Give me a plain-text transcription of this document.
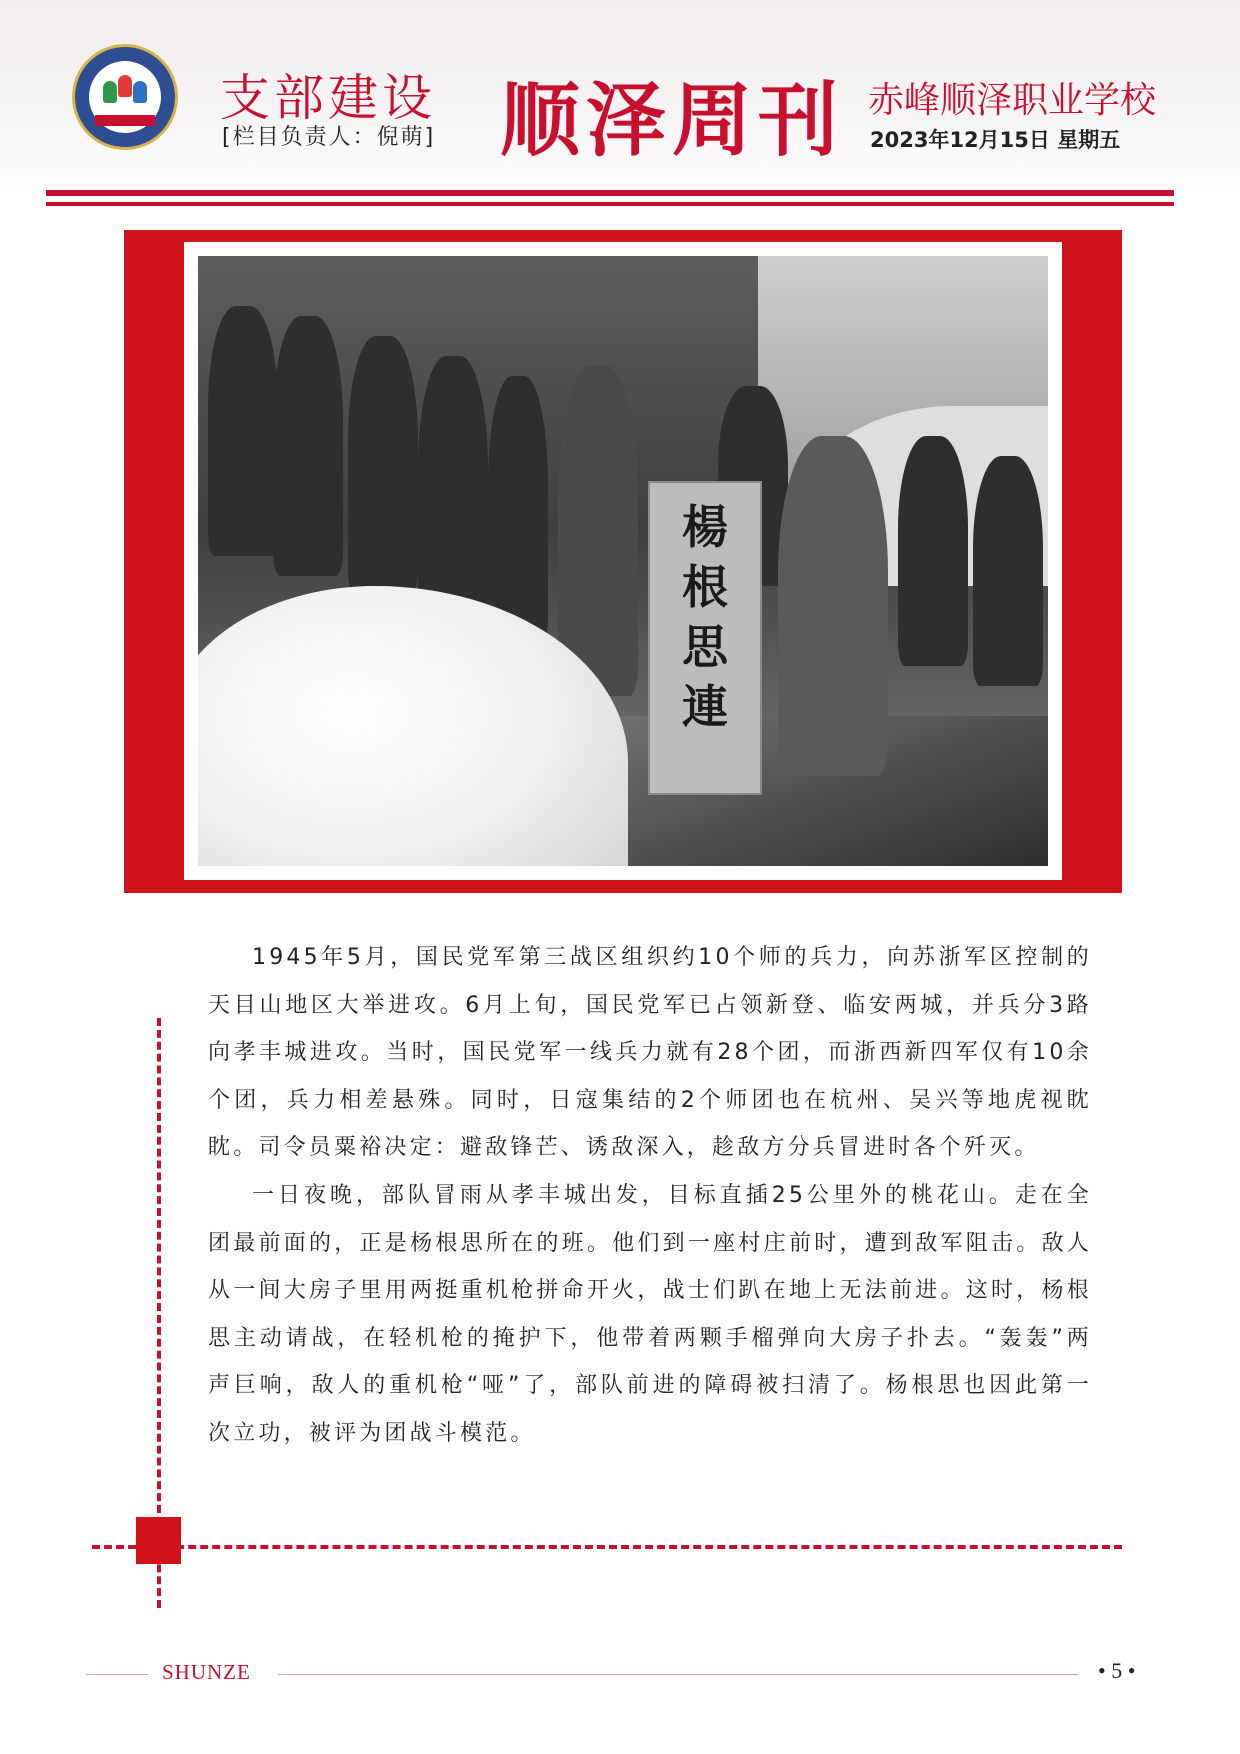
支部建设
[栏目负责人：倪萌] 顺泽周刊 赤峰顺泽职业学校
2023年12月15日 星期五
楊根思連

1945年5月，国民党军第三战区组织约10个师的兵力，向苏浙军区控制的天目山地区大举进攻。6月上旬，国民党军已占领新登、临安两城，并兵分3路向孝丰城进攻。当时，国民党军一线兵力就有28个团，而浙西新四军仅有10余个团，兵力相差悬殊。同时，日寇集结的2个师团也在杭州、吴兴等地虎视眈眈。司令员粟裕决定：避敌锋芒、诱敌深入，趁敌方分兵冒进时各个歼灭。

一日夜晚，部队冒雨从孝丰城出发，目标直插25公里外的桃花山。走在全团最前面的，正是杨根思所在的班。他们到一座村庄前时，遭到敌军阻击。敌人从一间大房子里用两挺重机枪拼命开火，战士们趴在地上无法前进。这时，杨根思主动请战，在轻机枪的掩护下，他带着两颗手榴弹向大房子扑去。“轰轰”两声巨响，敌人的重机枪“哑”了，部队前进的障碍被扫清了。杨根思也因此第一次立功，被评为团战斗模范。

SHUNZE	• 5 •
